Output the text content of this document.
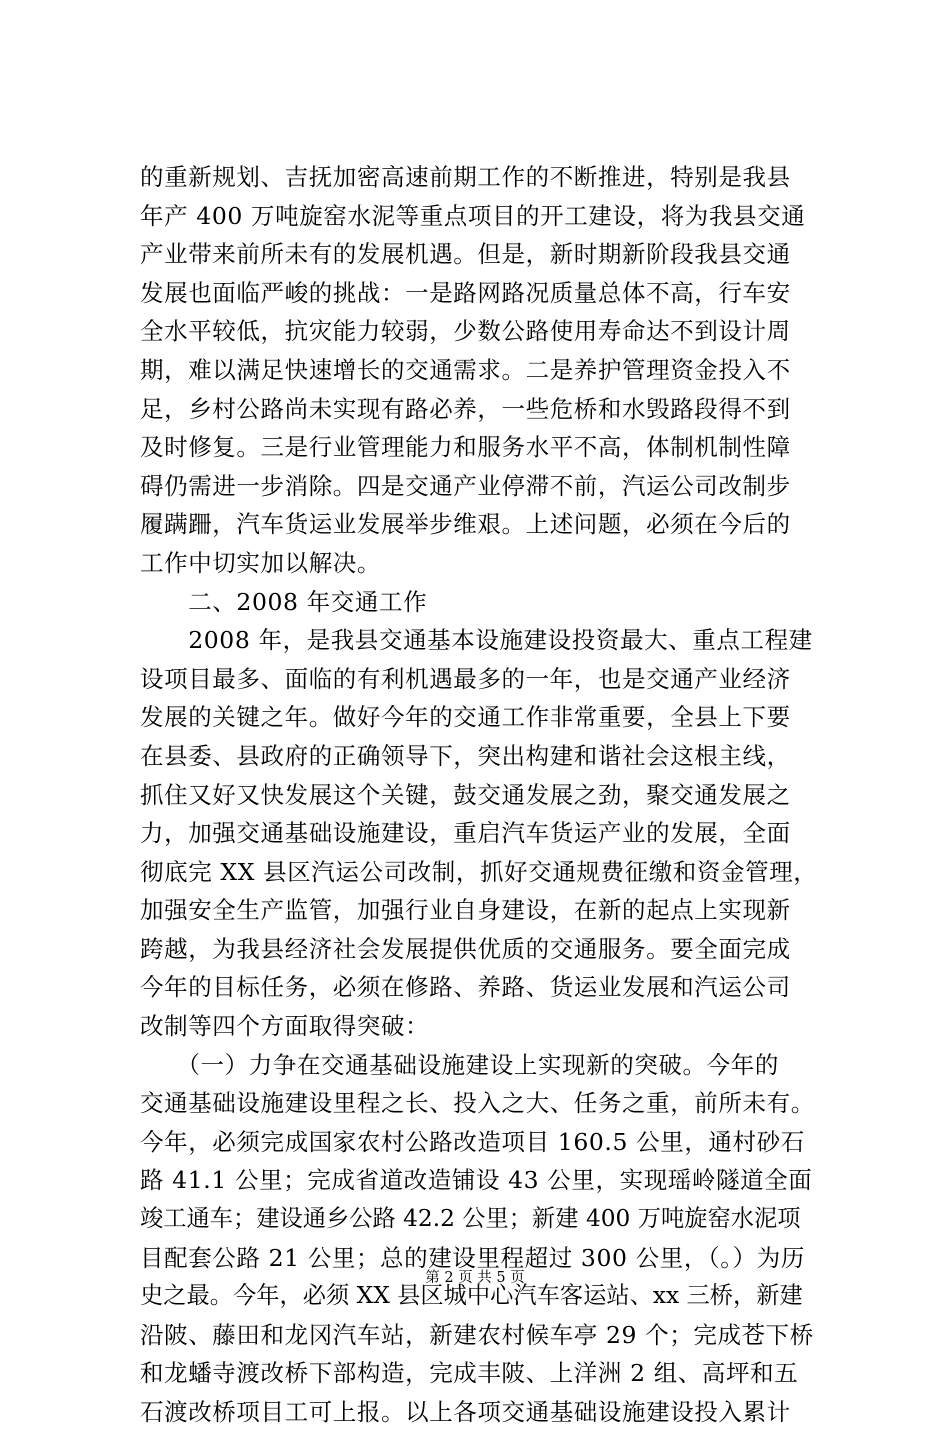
的重新规划、吉抚加密高速前期工作的不断推进，特别是我县
年产 400 万吨旋窑水泥等重点项目的开工建设，将为我县交通
产业带来前所未有的发展机遇。但是，新时期新阶段我县交通
发展也面临严峻的挑战：一是路网路况质量总体不高，行车安
全水平较低，抗灾能力较弱，少数公路使用寿命达不到设计周
期，难以满足快速增长的交通需求。二是养护管理资金投入不
足，乡村公路尚未实现有路必养，一些危桥和水毁路段得不到
及时修复。三是行业管理能力和服务水平不高，体制机制性障
碍仍需进一步消除。四是交通产业停滞不前，汽运公司改制步
履蹒跚，汽车货运业发展举步维艰。上述问题，必须在今后的
工作中切实加以解决。
　　二、2008 年交通工作
　　2008 年，是我县交通基本设施建设投资最大、重点工程建
设项目最多、面临的有利机遇最多的一年，也是交通产业经济
发展的关键之年。做好今年的交通工作非常重要，全县上下要
在县委、县政府的正确领导下，突出构建和谐社会这根主线，
抓住又好又快发展这个关键，鼓交通发展之劲，聚交通发展之
力，加强交通基础设施建设，重启汽车货运产业的发展，全面
彻底完 XX 县区汽运公司改制，抓好交通规费征缴和资金管理，
加强安全生产监管，加强行业自身建设，在新的起点上实现新
跨越，为我县经济社会发展提供优质的交通服务。要全面完成
今年的目标任务，必须在修路、养路、货运业发展和汽运公司
改制等四个方面取得突破：
　　（一）力争在交通基础设施建设上实现新的突破。今年的
交通基础设施建设里程之长、投入之大、任务之重，前所未有。
今年，必须完成国家农村公路改造项目 160.5 公里，通村砂石
路 41.1 公里；完成省道改造铺设 43 公里，实现瑶岭隧道全面
竣工通车；建设通乡公路 42.2 公里；新建 400 万吨旋窑水泥项
目配套公路 21 公里；总的建设里程超过 300 公里，（。）为历
史之最。今年，必须 XX 县区城中心汽车客运站、xx 三桥，新建
沿陂、藤田和龙冈汽车站，新建农村候车亭 29 个；完成苍下桥
和龙蟠寺渡改桥下部构造，完成丰陂、上洋洲 2 组、高坪和五
石渡改桥项目工可上报。以上各项交通基础设施建设投入累计
第 2 页 共 5 页
